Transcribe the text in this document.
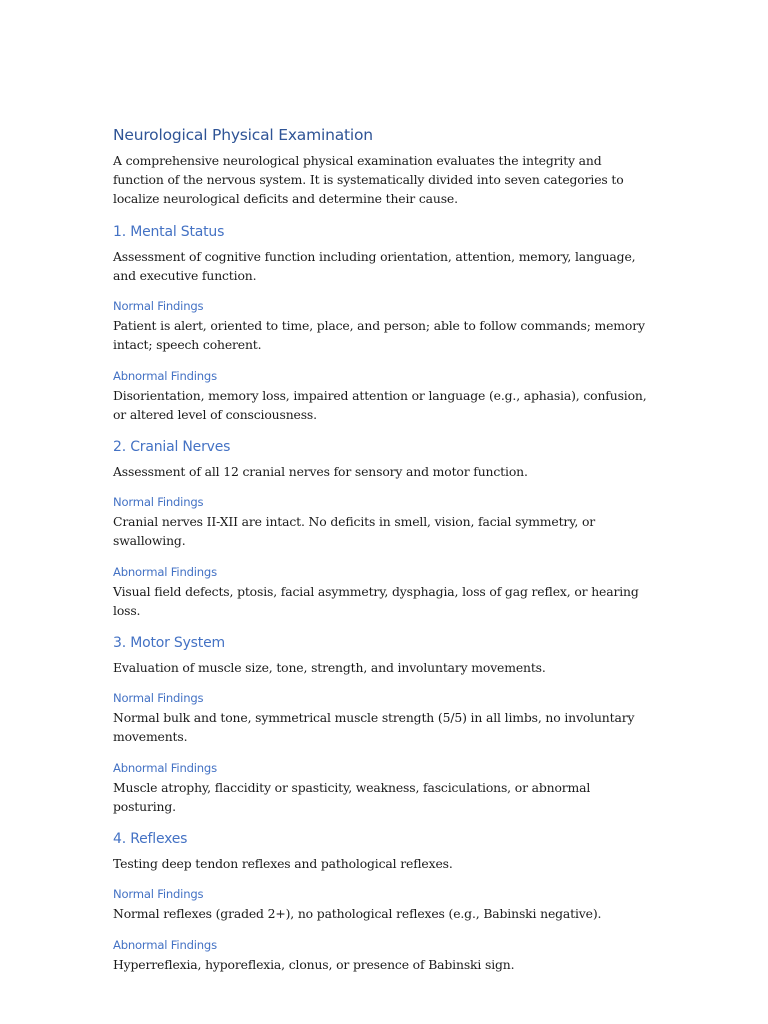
Neurological Physical Examination

A comprehensive neurological physical examination evaluates the integrity and function of the nervous system. It is systematically divided into seven categories to localize neurological deficits and determine their cause.

1. Mental Status

Assessment of cognitive function including orientation, attention, memory, language, and executive function.

Normal Findings

Patient is alert, oriented to time, place, and person; able to follow commands; memory intact; speech coherent.

Abnormal Findings

Disorientation, memory loss, impaired attention or language (e.g., aphasia), confusion, or altered level of consciousness.

2. Cranial Nerves

Assessment of all 12 cranial nerves for sensory and motor function.

Normal Findings

Cranial nerves II-XII are intact. No deficits in smell, vision, facial symmetry, or swallowing.

Abnormal Findings

Visual field defects, ptosis, facial asymmetry, dysphagia, loss of gag reflex, or hearing loss.

3. Motor System

Evaluation of muscle size, tone, strength, and involuntary movements.

Normal Findings

Normal bulk and tone, symmetrical muscle strength (5/5) in all limbs, no involuntary movements.

Abnormal Findings

Muscle atrophy, flaccidity or spasticity, weakness, fasciculations, or abnormal posturing.

4. Reflexes

Testing deep tendon reflexes and pathological reflexes.

Normal Findings

Normal reflexes (graded 2+), no pathological reflexes (e.g., Babinski negative).

Abnormal Findings

Hyperreflexia, hyporeflexia, clonus, or presence of Babinski sign.
